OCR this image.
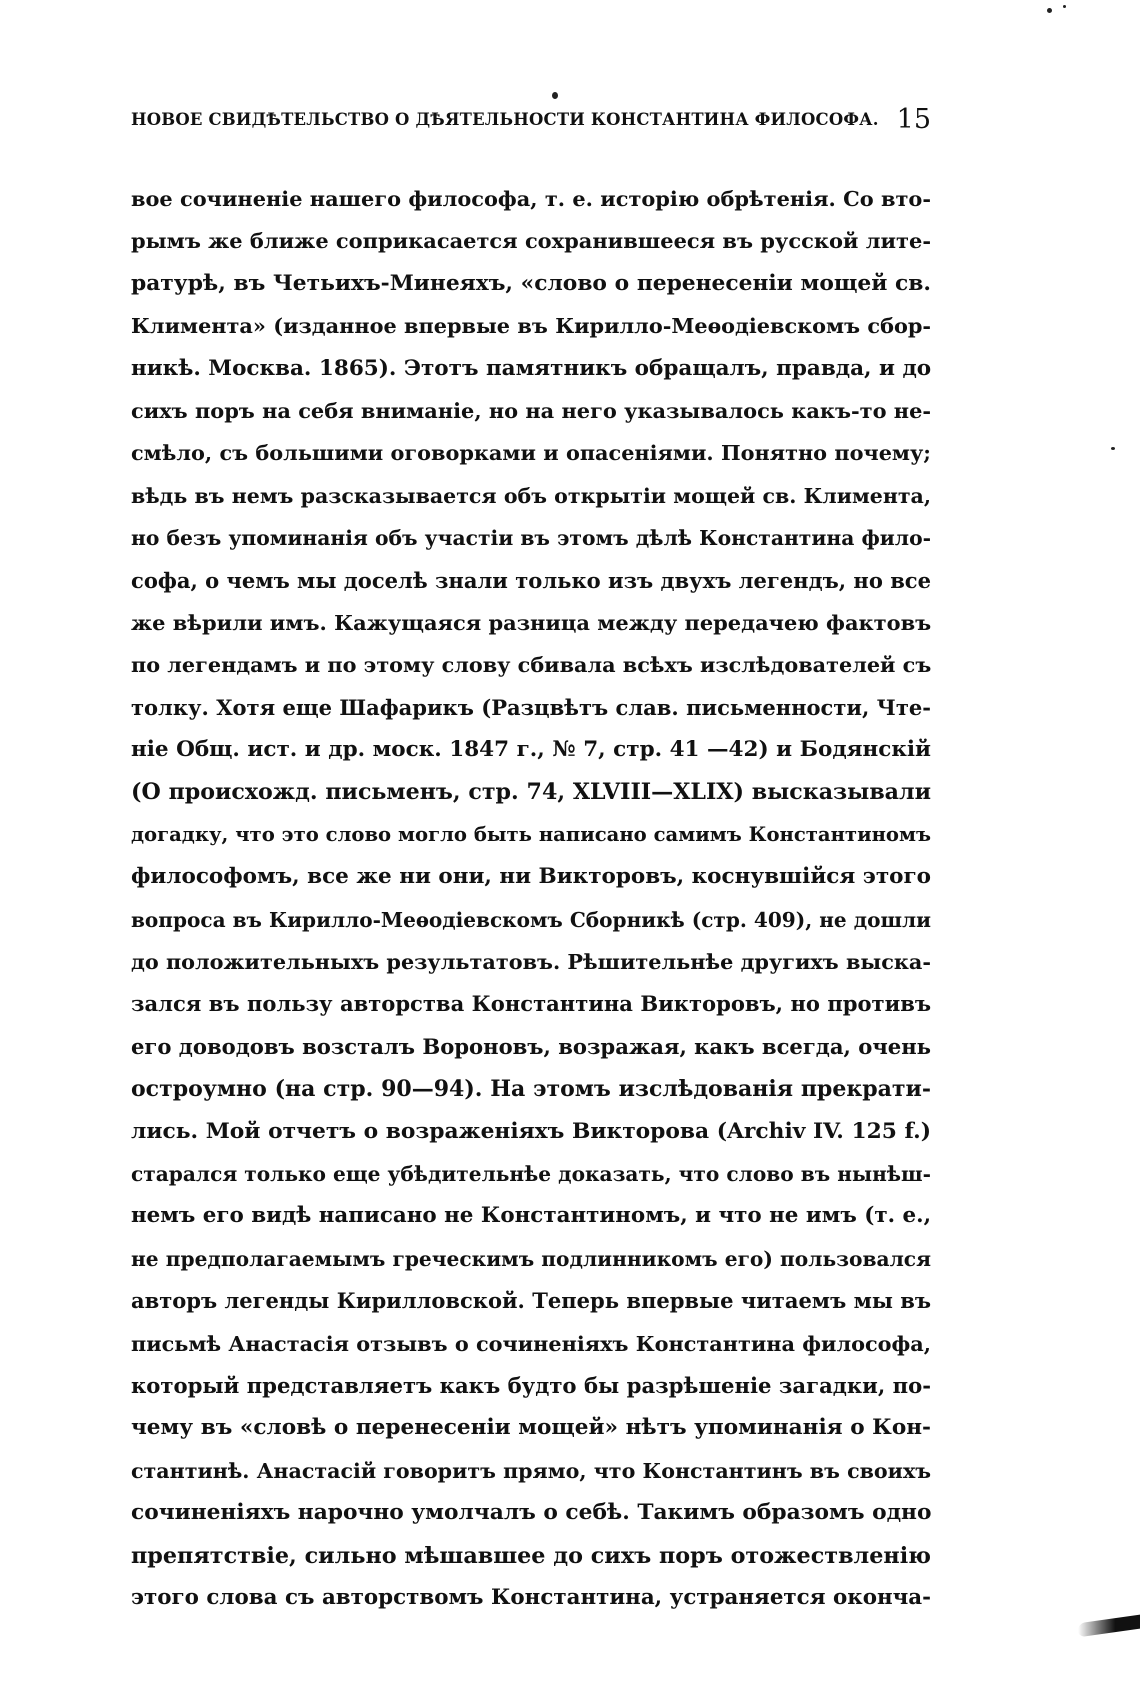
НОВОЕ СВИДѢТЕЛЬСТВО О ДѢЯТЕЛЬНОСТИ КОНСТАНТИНА ФИЛОСОФА. 15
вое сочиненіе нашего философа, т. е. исторію обрѣтенія. Со вто-
рымъ же ближе соприкасается сохранившееся въ русской лите-
ратурѣ, въ Четьихъ-Минеяхъ, «слово о перенесеніи мощей св.
Климента» (изданное впервые въ Кирилло-Меѳодіевскомъ сбор-
никѣ. Москва. 1865). Этотъ памятникъ обращалъ, правда, и до
сихъ поръ на себя вниманіе, но на него указывалось какъ-то не-
смѣло, съ большими оговорками и опасеніями. Понятно почему;
вѣдь въ немъ разсказывается объ открытіи мощей св. Климента,
но безъ упоминанія объ участіи въ этомъ дѣлѣ Константина фило-
софа, о чемъ мы доселѣ знали только изъ двухъ легендъ, но все
же вѣрили имъ. Кажущаяся разница между передачею фактовъ
по легендамъ и по этому слову сбивала всѣхъ изслѣдователей съ
толку. Хотя еще Шафарикъ (Разцвѣтъ слав. письменности, Чте-
ніе Общ. ист. и др. моск. 1847 г., № 7, стр. 41 —42) и Бодянскій
(О происхожд. письменъ, стр. 74, XLVIII—XLIX) высказывали
догадку, что это слово могло быть написано самимъ Константиномъ
философомъ, все же ни они, ни Викторовъ, коснувшійся этого
вопроса въ Кирилло-Меѳодіевскомъ Сборникѣ (стр. 409), не дошли
до положительныхъ результатовъ. Рѣшительнѣе другихъ выска-
зался въ пользу авторства Константина Викторовъ, но противъ
его доводовъ возсталъ Вороновъ, возражая, какъ всегда, очень
остроумно (на стр. 90—94). На этомъ изслѣдованія прекрати-
лись. Мой отчетъ о возраженіяхъ Викторова (Archiv IV. 125 f.)
старался только еще убѣдительнѣе доказать, что слово въ нынѣш-
немъ его видѣ написано не Константиномъ, и что не имъ (т. е.,
не предполагаемымъ греческимъ подлинникомъ его) пользовался
авторъ легенды Кирилловской. Теперь впервые читаемъ мы въ
письмѣ Анастасія отзывъ о сочиненіяхъ Константина философа,
который представляетъ какъ будто бы разрѣшеніе загадки, по-
чему въ «словѣ о перенесеніи мощей» нѣтъ упоминанія о Кон-
стантинѣ. Анастасій говоритъ прямо, что Константинъ въ своихъ
сочиненіяхъ нарочно умолчалъ о себѣ. Такимъ образомъ одно
препятствіе, сильно мѣшавшее до сихъ поръ отожествленію
этого слова съ авторствомъ Константина, устраняется оконча-
